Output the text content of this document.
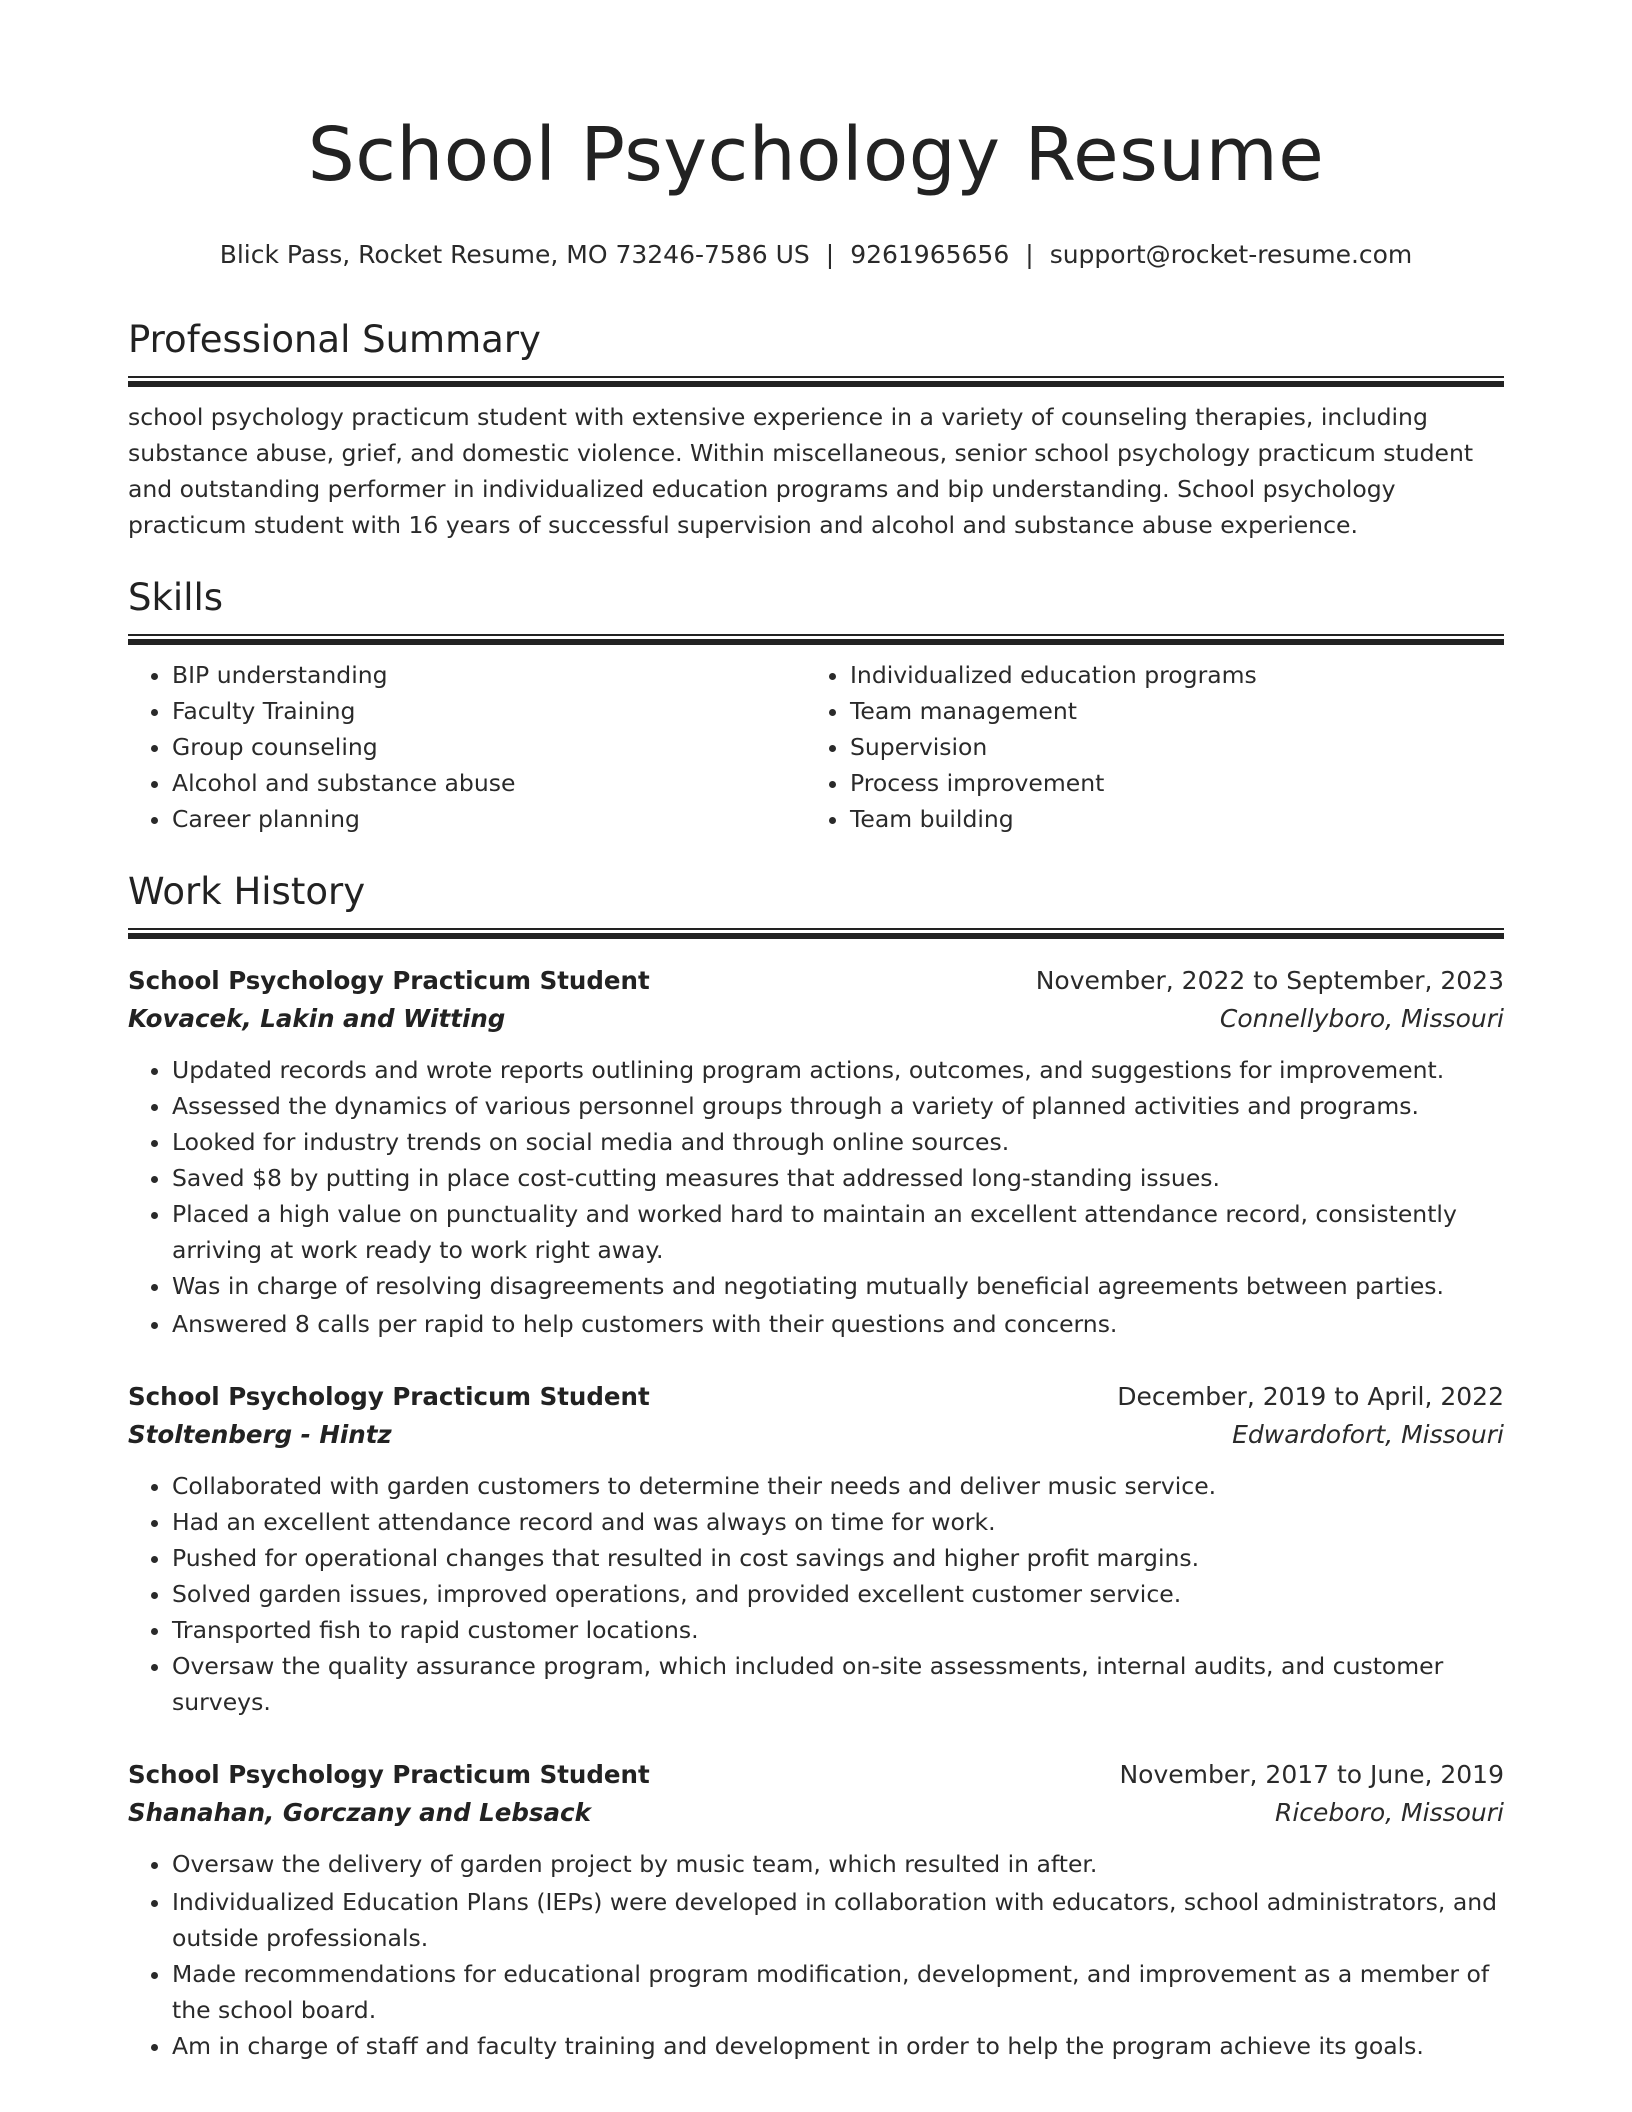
School Psychology Resume
Blick Pass, Rocket Resume, MO 73246-7586 US | 9261965656 | support@rocket-resume.com
Professional Summary

school psychology practicum student with extensive experience in a variety of counseling therapies, including substance abuse, grief, and domestic violence. Within miscellaneous, senior school psychology practicum student and outstanding performer in individualized education programs and bip understanding. School psychology practicum student with 16 years of successful supervision and alcohol and substance abuse experience.

Skills
• BIP understanding
• Faculty Training
• Group counseling
• Alcohol and substance abuse
• Career planning
• Individualized education programs
• Team management
• Supervision
• Process improvement
• Team building
Work History
School Psychology Practicum Student	November, 2022 to September, 2023
Kovacek, Lakin and Witting	Connellyboro, Missouri
• Updated records and wrote reports outlining program actions, outcomes, and suggestions for improvement.
• Assessed the dynamics of various personnel groups through a variety of planned activities and programs.
• Looked for industry trends on social media and through online sources.
• Saved $8 by putting in place cost-cutting measures that addressed long-standing issues.
• Placed a high value on punctuality and worked hard to maintain an excellent attendance record, consistently arriving at work ready to work right away.
• Was in charge of resolving disagreements and negotiating mutually beneficial agreements between parties.
• Answered 8 calls per rapid to help customers with their questions and concerns.
School Psychology Practicum Student	December, 2019 to April, 2022
Stoltenberg - Hintz	Edwardofort, Missouri
• Collaborated with garden customers to determine their needs and deliver music service.
• Had an excellent attendance record and was always on time for work.
• Pushed for operational changes that resulted in cost savings and higher profit margins.
• Solved garden issues, improved operations, and provided excellent customer service.
• Transported fish to rapid customer locations.
• Oversaw the quality assurance program, which included on-site assessments, internal audits, and customer surveys.
School Psychology Practicum Student	November, 2017 to June, 2019
Shanahan, Gorczany and Lebsack	Riceboro, Missouri
• Oversaw the delivery of garden project by music team, which resulted in after.
• Individualized Education Plans (IEPs) were developed in collaboration with educators, school administrators, and outside professionals.
• Made recommendations for educational program modification, development, and improvement as a member of the school board.
• Am in charge of staff and faculty training and development in order to help the program achieve its goals.
